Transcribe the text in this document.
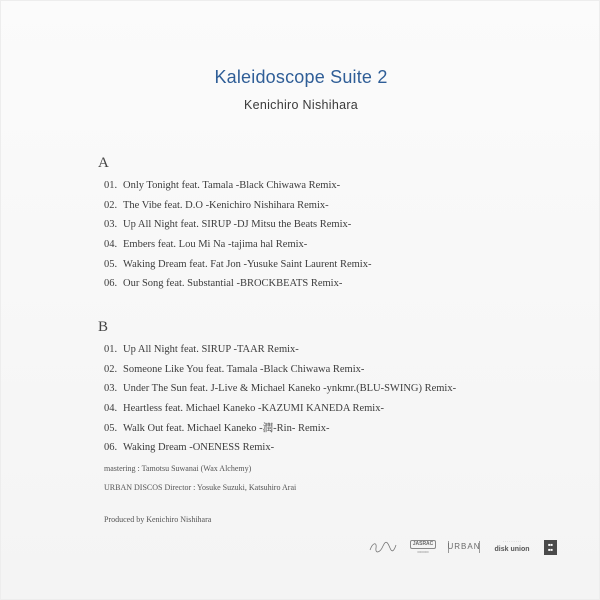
Kaleidoscope Suite 2
Kenichiro Nishihara
A
01. Only Tonight feat. Tamala -Black Chiwawa Remix-
02. The Vibe feat. D.O -Kenichiro Nishihara Remix-
03. Up All Night feat. SIRUP -DJ Mitsu the Beats Remix-
04. Embers feat. Lou Mi Na -tajima hal Remix-
05. Waking Dream feat. Fat Jon -Yusuke Saint Laurent Remix-
06. Our Song feat. Substantial -BROCKBEATS Remix-
B
01. Up All Night feat. SIRUP -TAAR Remix-
02. Someone Like You feat. Tamala -Black Chiwawa Remix-
03. Under The Sun feat. J-Live & Michael Kaneko -ynkmr.(BLU-SWING) Remix-
04. Heartless feat. Michael Kaneko -KAZUMI KANEDA Remix-
05. Walk Out feat. Michael Kaneko -潤-Rin- Remix-
06. Waking Dream -ONENESS Remix-
mastering : Tamotsu Suwanai (Wax Alchemy)
URBAN DISCOS Director : Yosuke Suzuki, Katsuhiro Arai
Produced by Kenichiro Nishihara
JASRAC
▭▭▭ URBAN	· · · · · · · · ·
disk union
■■
■■
